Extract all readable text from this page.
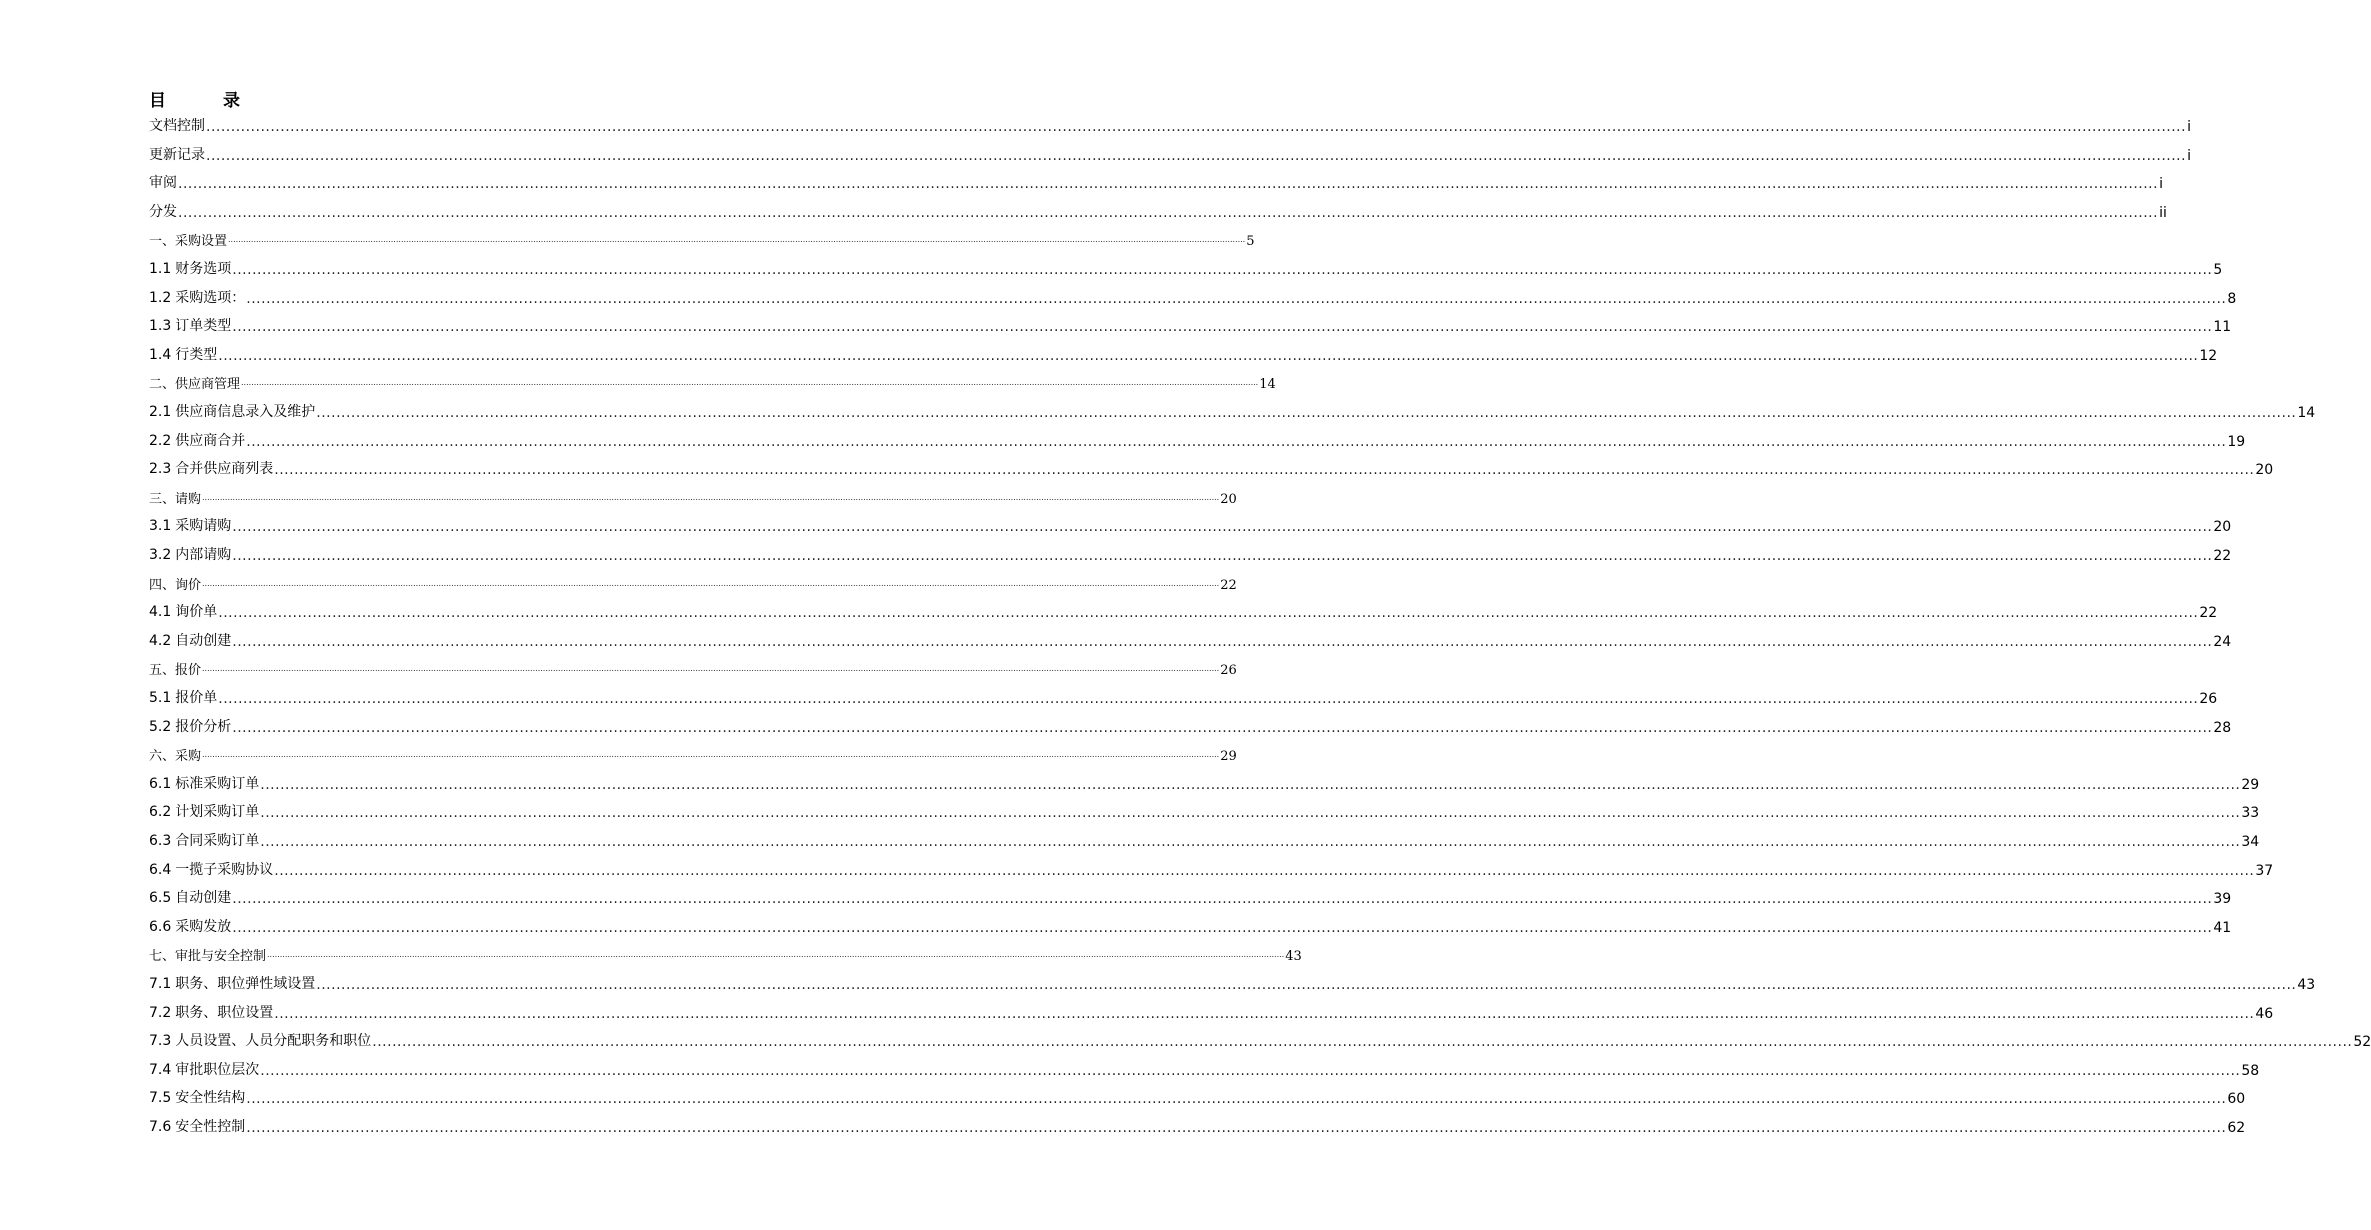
目　录
文档控制 ................................................................................................................................................................................................................................................................................................................................................................................................................ i
更新记录 ................................................................................................................................................................................................................................................................................................................................................................................................................ i
审阅 ................................................................................................................................................................................................................................................................................................................................................................................................................ i
分发 ................................................................................................................................................................................................................................................................................................................................................................................................................ ii
一、采购设置 ................................................................................................................................................................................................................................................................................................................................................................................................................ 5
1.1 财务选项 ................................................................................................................................................................................................................................................................................................................................................................................................................ 5
1.2 采购选项： ................................................................................................................................................................................................................................................................................................................................................................................................................ 8
1.3 订单类型 ................................................................................................................................................................................................................................................................................................................................................................................................................ 11
1.4 行类型 ................................................................................................................................................................................................................................................................................................................................................................................................................ 12
二、供应商管理 ................................................................................................................................................................................................................................................................................................................................................................................................................ 14
2.1 供应商信息录入及维护 ................................................................................................................................................................................................................................................................................................................................................................................................................ 14
2.2 供应商合并 ................................................................................................................................................................................................................................................................................................................................................................................................................ 19
2.3 合并供应商列表 ................................................................................................................................................................................................................................................................................................................................................................................................................ 20
三、请购 ................................................................................................................................................................................................................................................................................................................................................................................................................ 20
3.1 采购请购 ................................................................................................................................................................................................................................................................................................................................................................................................................ 20
3.2 内部请购 ................................................................................................................................................................................................................................................................................................................................................................................................................ 22
四、询价 ................................................................................................................................................................................................................................................................................................................................................................................................................ 22
4.1 询价单 ................................................................................................................................................................................................................................................................................................................................................................................................................ 22
4.2 自动创建 ................................................................................................................................................................................................................................................................................................................................................................................................................ 24
五、报价 ................................................................................................................................................................................................................................................................................................................................................................................................................ 26
5.1 报价单 ................................................................................................................................................................................................................................................................................................................................................................................................................ 26
5.2 报价分析 ................................................................................................................................................................................................................................................................................................................................................................................................................ 28
六、采购 ................................................................................................................................................................................................................................................................................................................................................................................................................ 29
6.1 标准采购订单 ................................................................................................................................................................................................................................................................................................................................................................................................................ 29
6.2 计划采购订单 ................................................................................................................................................................................................................................................................................................................................................................................................................ 33
6.3 合同采购订单 ................................................................................................................................................................................................................................................................................................................................................................................................................ 34
6.4 一揽子采购协议 ................................................................................................................................................................................................................................................................................................................................................................................................................ 37
6.5 自动创建 ................................................................................................................................................................................................................................................................................................................................................................................................................ 39
6.6 采购发放 ................................................................................................................................................................................................................................................................................................................................................................................................................ 41
七、审批与安全控制 ................................................................................................................................................................................................................................................................................................................................................................................................................ 43
7.1 职务、职位弹性域设置 ................................................................................................................................................................................................................................................................................................................................................................................................................ 43
7.2 职务、职位设置 ................................................................................................................................................................................................................................................................................................................................................................................................................ 46
7.3 人员设置、人员分配职务和职位 ................................................................................................................................................................................................................................................................................................................................................................................................................ 52
7.4 审批职位层次 ................................................................................................................................................................................................................................................................................................................................................................................................................ 58
7.5 安全性结构 ................................................................................................................................................................................................................................................................................................................................................................................................................ 60
7.6 安全性控制 ................................................................................................................................................................................................................................................................................................................................................................................................................ 62
